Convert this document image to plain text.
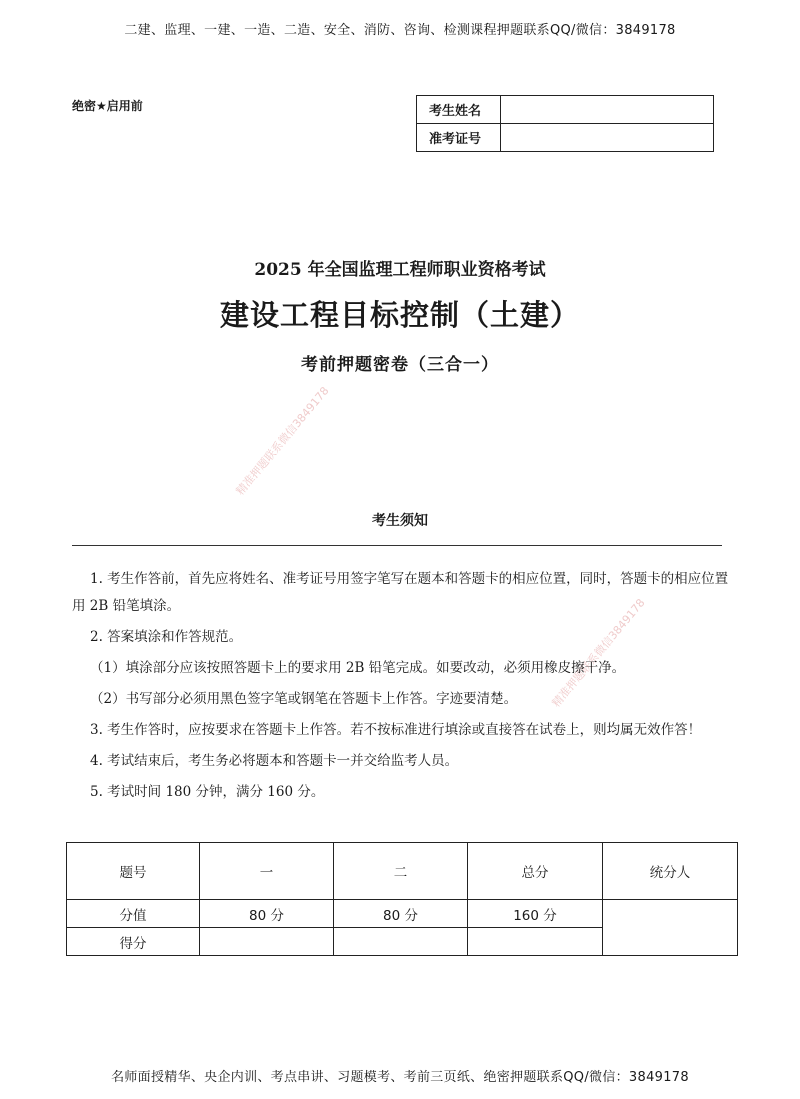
二建、监理、一建、一造、二造、安全、消防、咨询、检测课程押题联系QQ/微信：3849178
绝密★启用前	考生姓名	
准考证号	
2025 年全国监理工程师职业资格考试
建设工程目标控制（土建）
考前押题密卷（三合一）
精准押题联系微信3849178
精准押题联系微信3849178
考生须知

1. 考生作答前，首先应将姓名、准考证号用签字笔写在题本和答题卡的相应位置，同时，答题卡的相应位置用 2B 铅笔填涂。

2. 答案填涂和作答规范。

（1）填涂部分应该按照答题卡上的要求用 2B 铅笔完成。如要改动，必须用橡皮擦干净。

（2）书写部分必须用黑色签字笔或钢笔在答题卡上作答。字迹要清楚。

3. 考生作答时，应按要求在答题卡上作答。若不按标准进行填涂或直接答在试卷上，则均属无效作答！

4. 考试结束后，考生务必将题本和答题卡一并交给监考人员。

5. 考试时间 180 分钟，满分 160 分。

题号	一	二	总分	统分人
分值	80 分	80 分	160 分	
得分				
名师面授精华、央企内训、考点串讲、习题模考、考前三页纸、绝密押题联系QQ/微信：3849178
